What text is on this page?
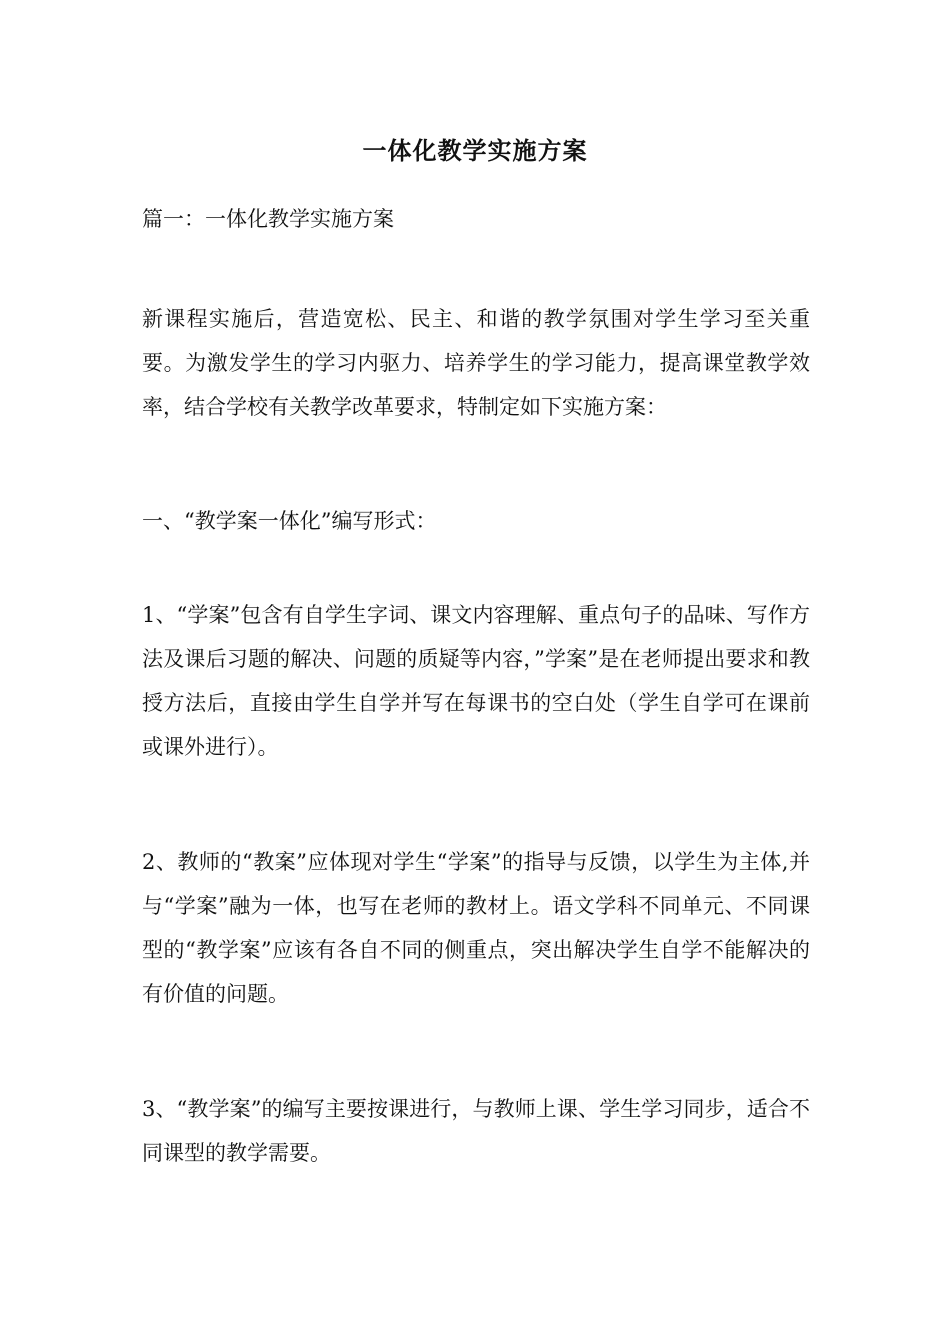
一体化教学实施方案
篇一：一体化教学实施方案
新课程实施后，营造宽松、民主、和谐的教学氛围对学生学习至关重要。为激发学生的学习内驱力、培养学生的学习能力，提高课堂教学效率，结合学校有关教学改革要求，特制定如下实施方案：
一、“教学案一体化”编写形式：
1、“学案”包含有自学生字词、课文内容理解、重点句子的品味、写作方法及课后习题的解决、问题的质疑等内容，”学案”是在老师提出要求和教授方法后，直接由学生自学并写在每课书的空白处（学生自学可在课前或课外进行）。
2、教师的“教案”应体现对学生“学案”的指导与反馈，以学生为主体,并与“学案”融为一体，也写在老师的教材上。语文学科不同单元、不同课型的“教学案”应该有各自不同的侧重点，突出解决学生自学不能解决的有价值的问题。
3、“教学案”的编写主要按课进行，与教师上课、学生学习同步，适合不同课型的教学需要。
